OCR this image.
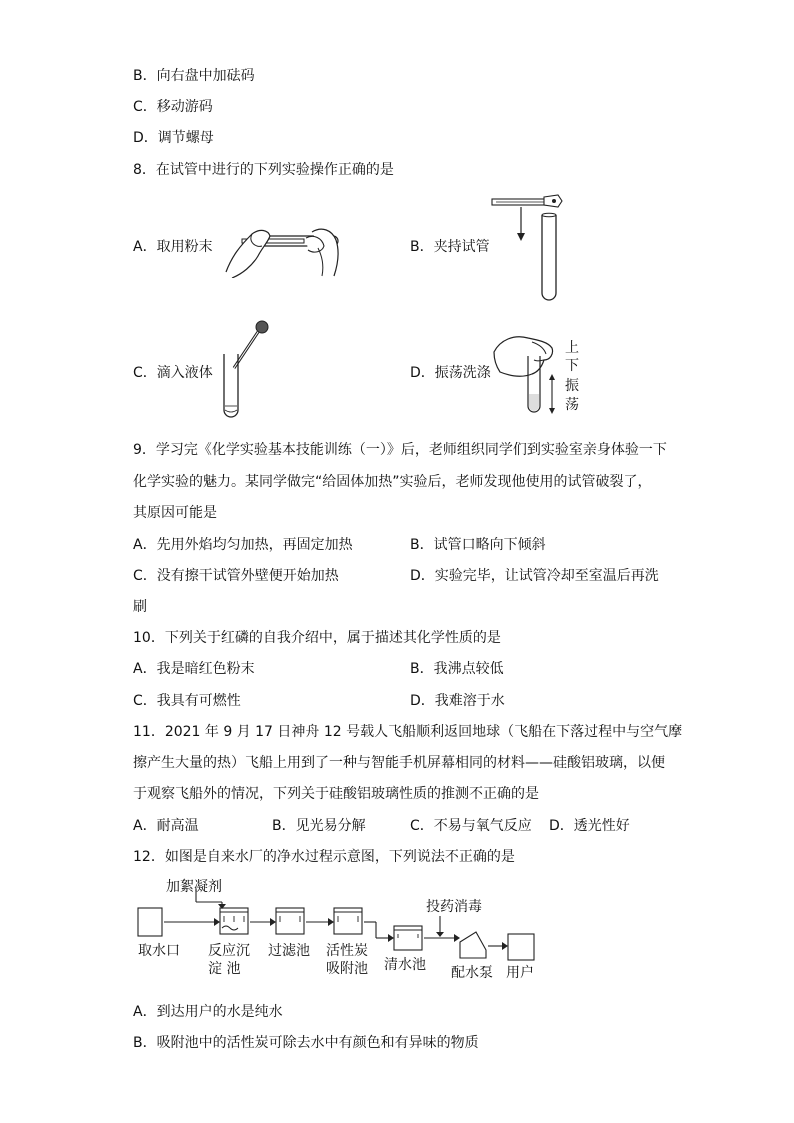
B．向右盘中加砝码
C．移动游码
D．调节螺母
8．在试管中进行的下列实验操作正确的是
A．取用粉末	B．夹持试管
C．滴入液体	D．振荡洗涤
上
下
振
荡
9．学习完《化学实验基本技能训练（一）》后，老师组织同学们到实验室亲身体验一下
化学实验的魅力。某同学做完“给固体加热”实验后，老师发现他使用的试管破裂了，
其原因可能是
A．先用外焰均匀加热，再固定加热	B．试管口略向下倾斜
C．没有擦干试管外壁便开始加热	D．实验完毕，让试管冷却至室温后再洗
刷
10．下列关于红磷的自我介绍中，属于描述其化学性质的是
A．我是暗红色粉末	B．我沸点较低
C．我具有可燃性	D．我难溶于水
11．2021 年 9 月 17 日神舟 12 号载人飞船顺利返回地球（飞船在下落过程中与空气摩
擦产生大量的热）飞船上用到了一种与智能手机屏幕相同的材料——硅酸铝玻璃，以便
于观察飞船外的情况，下列关于硅酸铝玻璃性质的推测不正确的是
A．耐高温	B．见光易分解	C．不易与氧气反应 D．透光性好
12．如图是自来水厂的净水过程示意图，下列说法不正确的是
加絮凝剂
投药消毒
取水口 反应沉
淀 池
过滤池 活性炭
吸附池 清水池 配水泵 用户
A．到达用户的水是纯水
B．吸附池中的活性炭可除去水中有颜色和有异味的物质
